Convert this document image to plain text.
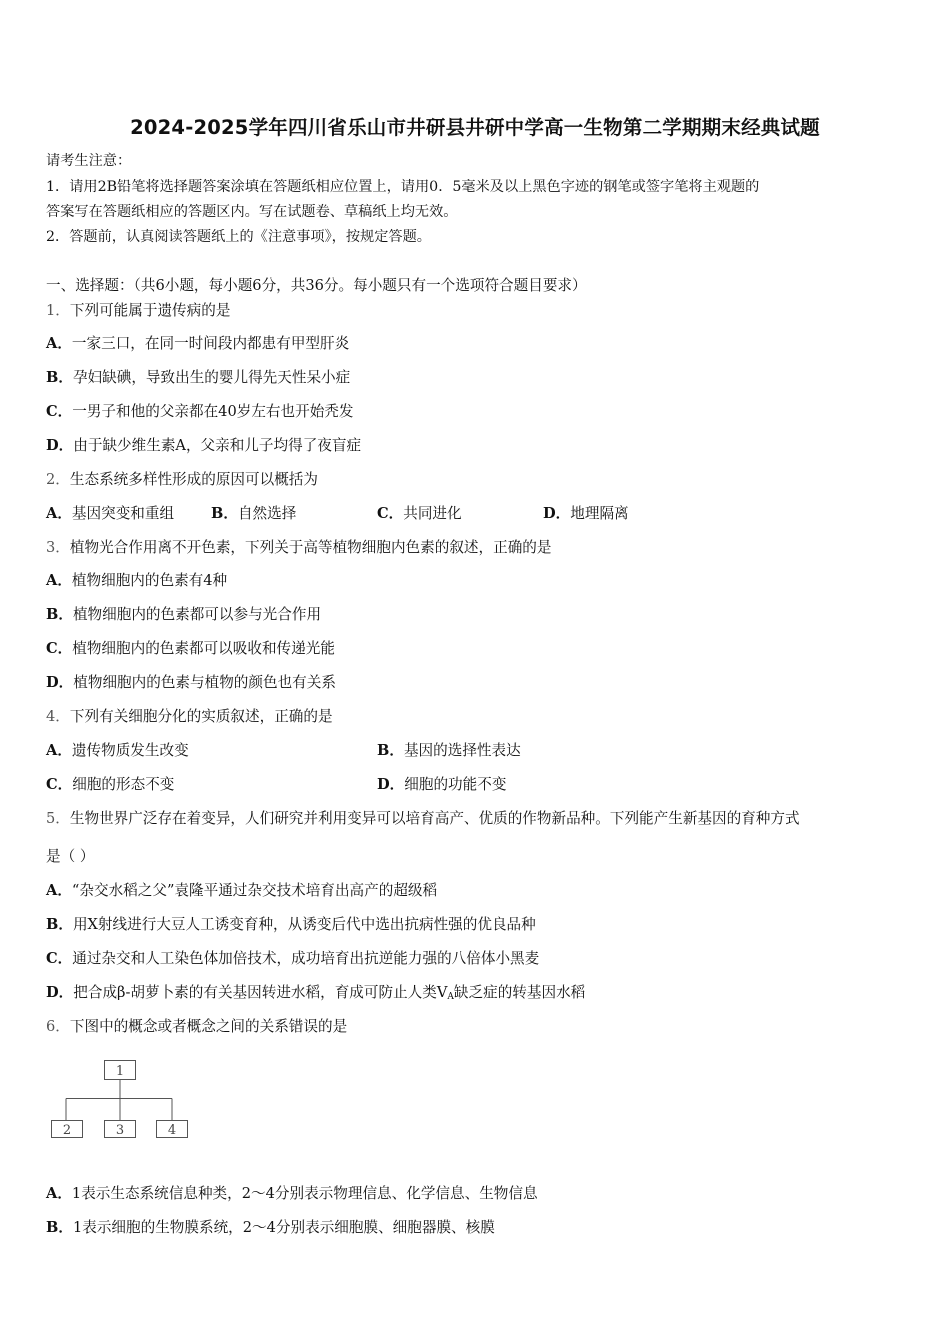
2024-2025学年四川省乐山市井研县井研中学高一生物第二学期期末经典试题
请考生注意：
1．请用2B铅笔将选择题答案涂填在答题纸相应位置上，请用0．5毫米及以上黑色字迹的钢笔或签字笔将主观题的
答案写在答题纸相应的答题区内。写在试题卷、草稿纸上均无效。
2．答题前，认真阅读答题纸上的《注意事项》，按规定答题。
一、选择题：（共6小题，每小题6分，共36分。每小题只有一个选项符合题目要求）
1．下列可能属于遗传病的是
A．一家三口，在同一时间段内都患有甲型肝炎
B．孕妇缺碘，导致出生的婴儿得先天性呆小症
C．一男子和他的父亲都在40岁左右也开始秃发
D．由于缺少维生素A，父亲和儿子均得了夜盲症
2．生态系统多样性形成的原因可以概括为
A．基因突变和重组	B．自然选择	C．共同进化	D．地理隔离
3．植物光合作用离不开色素，下列关于高等植物细胞内色素的叙述，正确的是
A．植物细胞内的色素有4种
B．植物细胞内的色素都可以参与光合作用
C．植物细胞内的色素都可以吸收和传递光能
D．植物细胞内的色素与植物的颜色也有关系
4．下列有关细胞分化的实质叙述，正确的是
A．遗传物质发生改变	B．基因的选择性表达
C．细胞的形态不变	D．细胞的功能不变
5．生物世界广泛存在着变异，人们研究并利用变异可以培育高产、优质的作物新品种。下列能产生新基因的育种方式
是（ ）
A．“杂交水稻之父”袁隆平通过杂交技术培育出高产的超级稻
B．用X射线进行大豆人工诱变育种，从诱变后代中选出抗病性强的优良品种
C．通过杂交和人工染色体加倍技术，成功培育出抗逆能力强的八倍体小黑麦
D．把合成β-胡萝卜素的有关基因转进水稻，育成可防止人类$V_A$缺乏症的转基因水稻
6．下图中的概念或者概念之间的关系错误的是
1
2	3	4
A．1表示生态系统信息种类，2～4分别表示物理信息、化学信息、生物信息
B．1表示细胞的生物膜系统，2～4分别表示细胞膜、细胞器膜、核膜
